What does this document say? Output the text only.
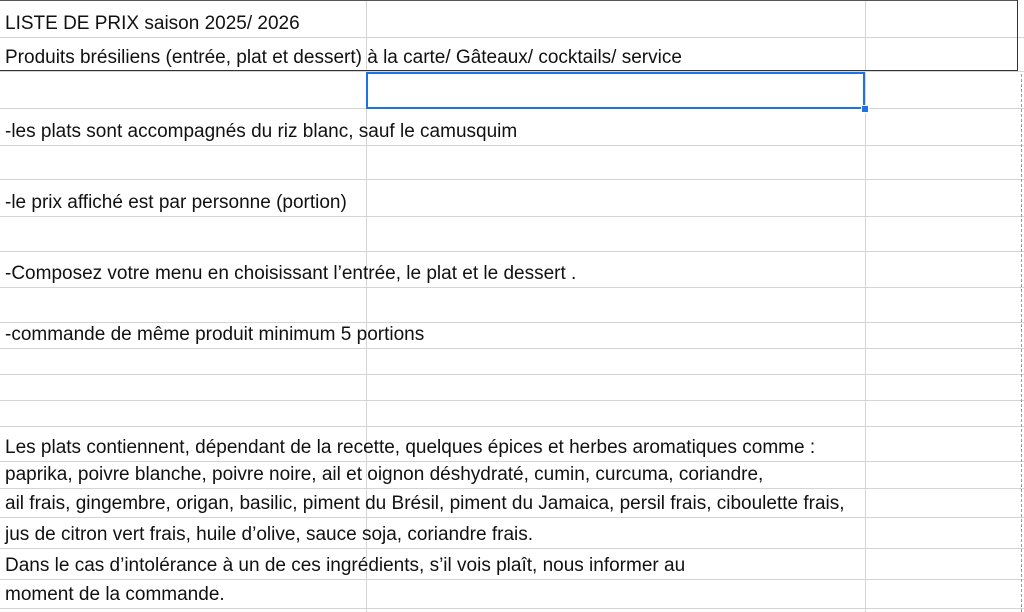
LISTE DE PRIX saison 2025/ 2026
Produits brésiliens (entrée, plat et dessert) à la carte/ Gâteaux/ cocktails/ service
-les plats sont accompagnés du riz blanc, sauf le camusquim
-le prix affiché est par personne (portion)
-Composez votre menu en choisissant l’entrée, le plat et le dessert .
-commande de même produit minimum 5 portions
Les plats contiennent, dépendant de la recette, quelques épices et herbes aromatiques comme :
paprika, poivre blanche, poivre noire, ail et oignon déshydraté, cumin, curcuma, coriandre,
ail frais, gingembre, origan, basilic, piment du Brésil, piment du Jamaica, persil frais, ciboulette frais,
jus de citron vert frais, huile d’olive, sauce soja, coriandre frais.
Dans le cas d’intolérance à un de ces ingrédients, s’il vois plaît, nous informer au
moment de la commande.
